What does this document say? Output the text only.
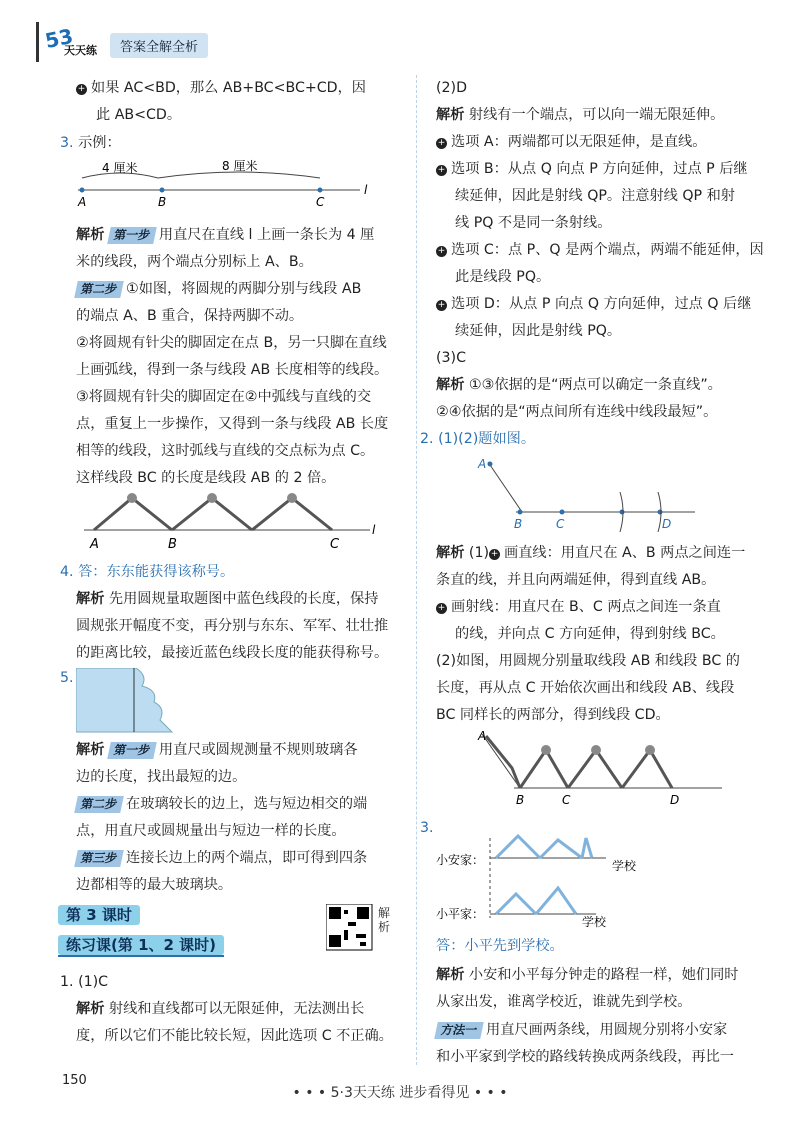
53
天天练	答案全解全析
+ 如果 AC<BD，那么 AB+BC<BC+CD，因
此 AB<CD。
3. 示例：
4 厘米	8 厘米
A	B	C
l
解析 第一步 用直尺在直线 l 上画一条长为 4 厘
米的线段，两个端点分别标上 A、B。
第二步 ①如图，将圆规的两脚分别与线段 AB
的端点 A、B 重合，保持两脚不动。
②将圆规有针尖的脚固定在点 B，另一只脚在直线
上画弧线，得到一条与线段 AB 长度相等的线段。
③将圆规有针尖的脚固定在②中弧线与直线的交
点，重复上一步操作，又得到一条与线段 AB 长度
相等的线段，这时弧线与直线的交点标为点 C。
这样线段 BC 的长度是线段 AB 的 2 倍。
A	B	C
l
4. 答：东东能获得该称号。
解析 先用圆规量取题图中蓝色线段的长度，保持
圆规张开幅度不变，再分别与东东、军军、壮壮推
的距离比较，最接近蓝色线段长度的能获得称号。
5.
解析 第一步 用直尺或圆规测量不规则玻璃各
边的长度，找出最短的边。
第二步 在玻璃较长的边上，选与短边相交的端
点，用直尺或圆规量出与短边一样的长度。
第三步 连接长边上的两个端点，即可得到四条
边都相等的最大玻璃块。
第 3 课时
练习课(第 1、2 课时)
解析
1. (1)C
解析 射线和直线都可以无限延伸，无法测出长
度，所以它们不能比较长短，因此选项 C 不正确。
(2)D
解析 射线有一个端点，可以向一端无限延伸。
+ 选项 A：两端都可以无限延伸，是直线。
+ 选项 B：从点 Q 向点 P 方向延伸，过点 P 后继
续延伸，因此是射线 QP。注意射线 QP 和射
线 PQ 不是同一条射线。
+ 选项 C：点 P、Q 是两个端点，两端不能延伸，因
此是线段 PQ。
+ 选项 D：从点 P 向点 Q 方向延伸，过点 Q 后继
续延伸，因此是射线 PQ。
(3)C
解析 ①③依据的是“两点可以确定一条直线”。
②④依据的是“两点间所有连线中线段最短”。
2. (1)(2)题如图。
A
B	C	D
解析 (1) + 画直线：用直尺在 A、B 两点之间连一
条直的线，并且向两端延伸，得到直线 AB。
+ 画射线：用直尺在 B、C 两点之间连一条直
的线，并向点 C 方向延伸，得到射线 BC。
(2)如图，用圆规分别量取线段 AB 和线段 BC 的
长度，再从点 C 开始依次画出和线段 AB、线段
BC 同样长的两部分，得到线段 CD。
A
B	C	D
3.
小安家：
小平家：
学校
学校
答：小平先到学校。
解析 小安和小平每分钟走的路程一样，她们同时
从家出发，谁离学校近，谁就先到学校。
方法一 用直尺画两条线，用圆规分别将小安家
和小平家到学校的路线转换成两条线段，再比一
150
• • • 5·3天天练 进步看得见 • • •
